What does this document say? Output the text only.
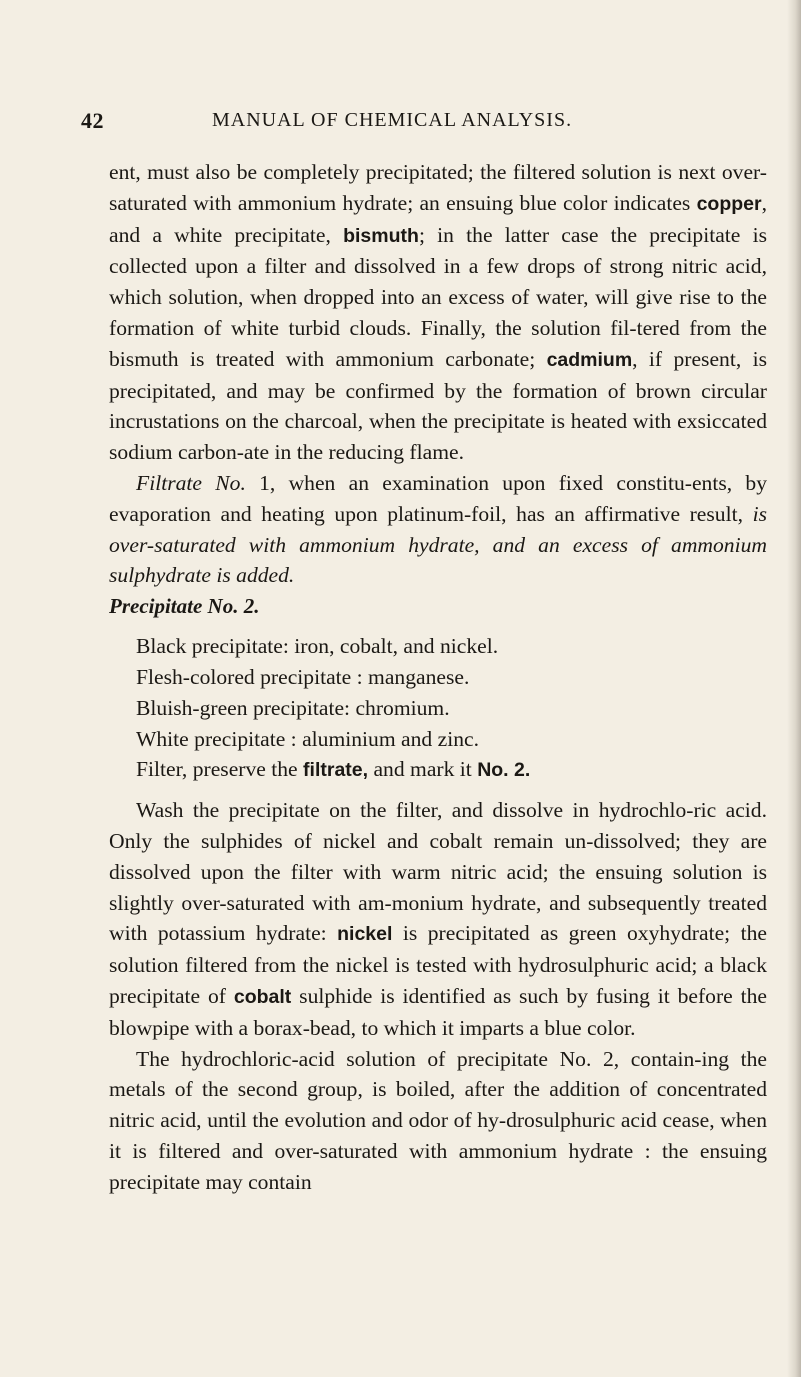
42	MANUAL OF CHEMICAL ANALYSIS.

ent, must also be completely precipitated; the filtered solution is next over-saturated with ammonium hydrate; an ensuing blue color indicates copper, and a white precipitate, bismuth; in the latter case the precipitate is collected upon a filter and dissolved in a few drops of strong nitric acid, which solution, when dropped into an excess of water, will give rise to the formation of white turbid clouds. Finally, the solution fil-tered from the bismuth is treated with ammonium carbonate; cadmium, if present, is precipitated, and may be confirmed by the formation of brown circular incrustations on the charcoal, when the precipitate is heated with exsiccated sodium carbon-ate in the reducing flame.

Filtrate No. 1, when an examination upon fixed constitu-ents, by evaporation and heating upon platinum-foil, has an affirmative result, is over-saturated with ammonium hydrate, and an excess of ammonium sulphydrate is added.

Precipitate No. 2.

Black precipitate: iron, cobalt, and nickel.
Flesh-colored precipitate : manganese.
Bluish-green precipitate: chromium.
White precipitate : aluminium and zinc.
Filter, preserve the filtrate, and mark it No. 2.

Wash the precipitate on the filter, and dissolve in hydrochlo-ric acid. Only the sulphides of nickel and cobalt remain un-dissolved; they are dissolved upon the filter with warm nitric acid; the ensuing solution is slightly over-saturated with am-monium hydrate, and subsequently treated with potassium hydrate: nickel is precipitated as green oxyhydrate; the solution filtered from the nickel is tested with hydrosulphuric acid; a black precipitate of cobalt sulphide is identified as such by fusing it before the blowpipe with a borax-bead, to which it imparts a blue color.

The hydrochloric-acid solution of precipitate No. 2, contain-ing the metals of the second group, is boiled, after the addition of concentrated nitric acid, until the evolution and odor of hy-drosulphuric acid cease, when it is filtered and over-saturated with ammonium hydrate : the ensuing precipitate may contain
